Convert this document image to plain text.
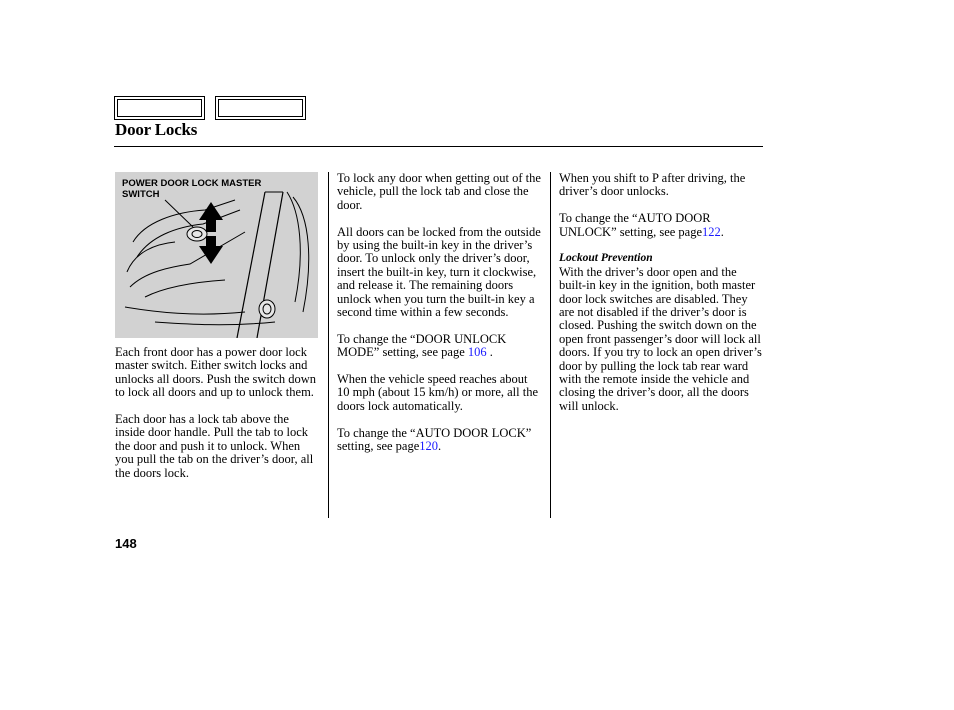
Door Locks
POWER DOOR LOCK MASTER SWITCH

Each front door has a power door lock master switch. Either switch locks and unlocks all doors. Push the switch down to lock all doors and up to unlock them.

Each door has a lock tab above the inside door handle. Pull the tab to lock the door and push it to unlock. When you pull the tab on the driver’s door, all the doors lock.

To lock any door when getting out of the vehicle, pull the lock tab and close the door.

All doors can be locked from the outside by using the built-in key in the driver’s door. To unlock only the driver’s door, insert the built-in key, turn it clockwise, and release it. The remaining doors unlock when you turn the built-in key a second time within a few seconds.

To change the “DOOR UNLOCK MODE” setting, see page 106 .

When the vehicle speed reaches about 10 mph (about 15 km/h) or more, all the doors lock automatically.

To change the “AUTO DOOR LOCK” setting, see page120.

When you shift to P after driving, the driver’s door unlocks.

To change the “AUTO DOOR UNLOCK” setting, see page122.

Lockout Prevention

With the driver’s door open and the built-in key in the ignition, both master door lock switches are disabled. They are not disabled if the driver’s door is closed. Pushing the switch down on the open front passenger’s door will lock all doors. If you try to lock an open driver’s door by pulling the lock tab rear ward with the remote inside the vehicle and closing the driver’s door, all the doors will unlock.

148
